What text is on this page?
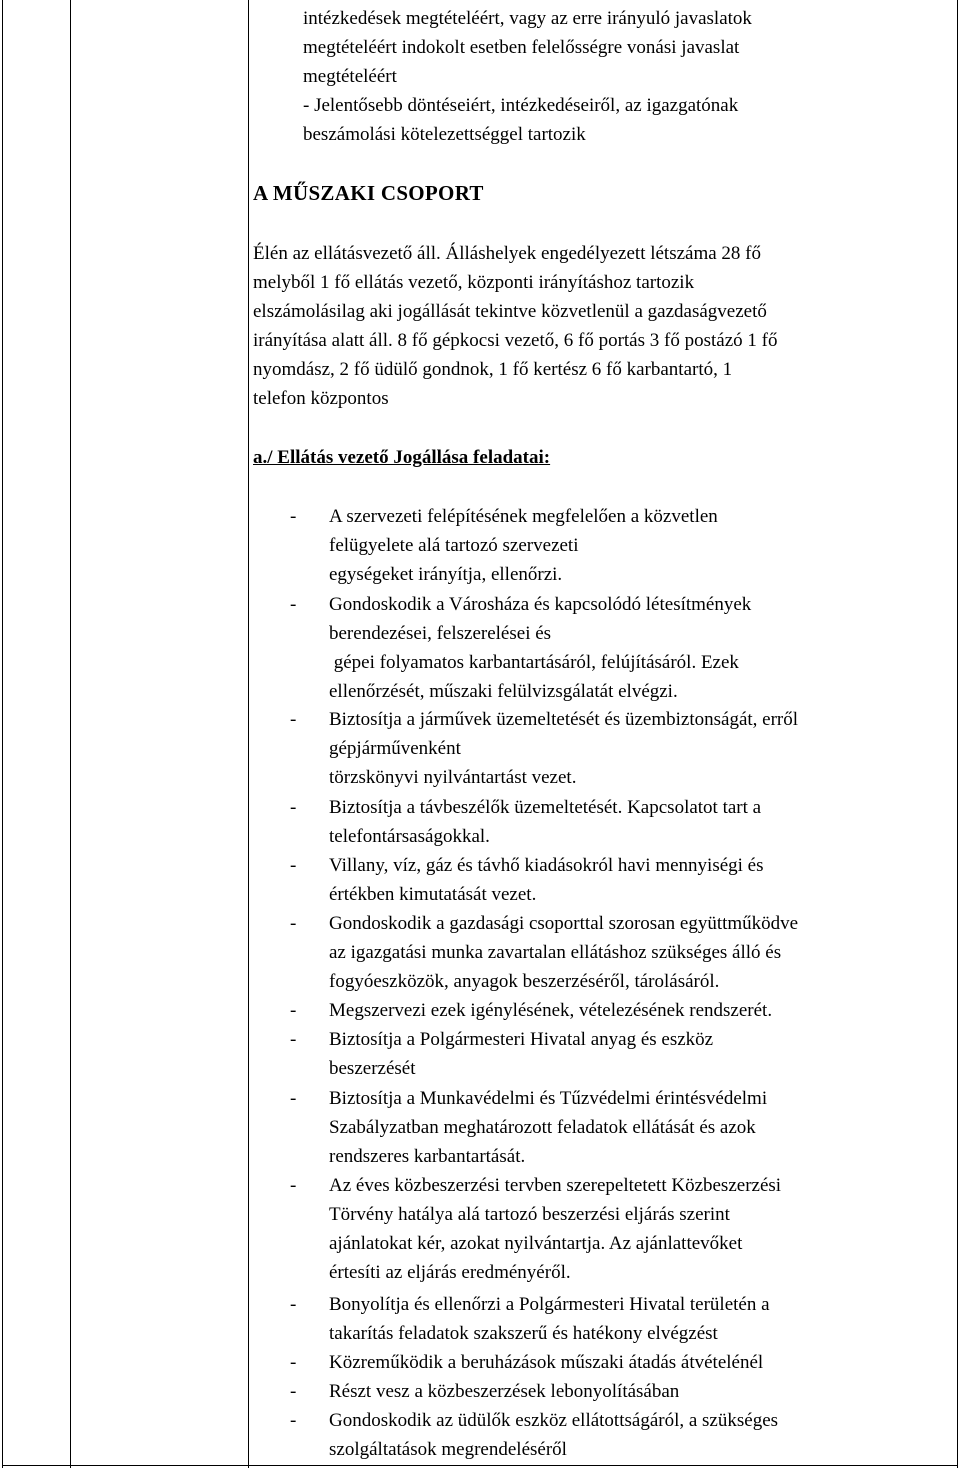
intézkedések megtételéért, vagy az erre irányuló javaslatok
megtételéért indokolt esetben felelősségre vonási javaslat
megtételéért
- Jelentősebb döntéseiért, intézkedéseiről, az igazgatónak
beszámolási kötelezettséggel tartozik
A MŰSZAKI CSOPORT
Élén az ellátásvezető áll. Álláshelyek engedélyezett létszáma 28 fő
melyből 1 fő ellátás vezető, központi irányításhoz tartozik
elszámolásilag aki jogállását tekintve közvetlenül a gazdaságvezető
irányítása alatt áll. 8 fő gépkocsi vezető, 6 fő portás 3 fő postázó 1 fő
nyomdász, 2 fő üdülő gondnok, 1 fő kertész 6 fő karbantartó, 1
telefon központos
a./ Ellátás vezető Jogállása feladatai:
- A szervezeti felépítésének megfelelően a közvetlen
felügyelete alá tartozó szervezeti
egységeket irányítja, ellenőrzi.
- Gondoskodik a Városháza és kapcsolódó létesítmények
berendezései, felszerelései és
gépei folyamatos karbantartásáról, felújításáról. Ezek
ellenőrzését, műszaki felülvizsgálatát elvégzi.
- Biztosítja a járművek üzemeltetését és üzembiztonságát, erről
gépjárművenként
törzskönyvi nyilvántartást vezet.
- Biztosítja a távbeszélők üzemeltetését. Kapcsolatot tart a
telefontársaságokkal.
- Villany, víz, gáz és távhő kiadásokról havi mennyiségi és
értékben kimutatását vezet.
- Gondoskodik a gazdasági csoporttal szorosan együttműködve
az igazgatási munka zavartalan ellátáshoz szükséges álló és
fogyóeszközök, anyagok beszerzéséről, tárolásáról.
- Megszervezi ezek igénylésének, vételezésének rendszerét.
- Biztosítja a Polgármesteri Hivatal anyag és eszköz
beszerzését
- Biztosítja a Munkavédelmi és Tűzvédelmi érintésvédelmi
Szabályzatban meghatározott feladatok ellátását és azok
rendszeres karbantartását.
- Az éves közbeszerzési tervben szerepeltetett Közbeszerzési
Törvény hatálya alá tartozó beszerzési eljárás szerint
ajánlatokat kér, azokat nyilvántartja. Az ajánlattevőket
értesíti az eljárás eredményéről.
- Bonyolítja és ellenőrzi a Polgármesteri Hivatal területén a
takarítás feladatok szakszerű és hatékony elvégzést
- Közreműködik a beruházások műszaki átadás átvételénél
- Részt vesz a közbeszerzések lebonyolításában
- Gondoskodik az üdülők eszköz ellátottságáról, a szükséges
szolgáltatások megrendeléséről
